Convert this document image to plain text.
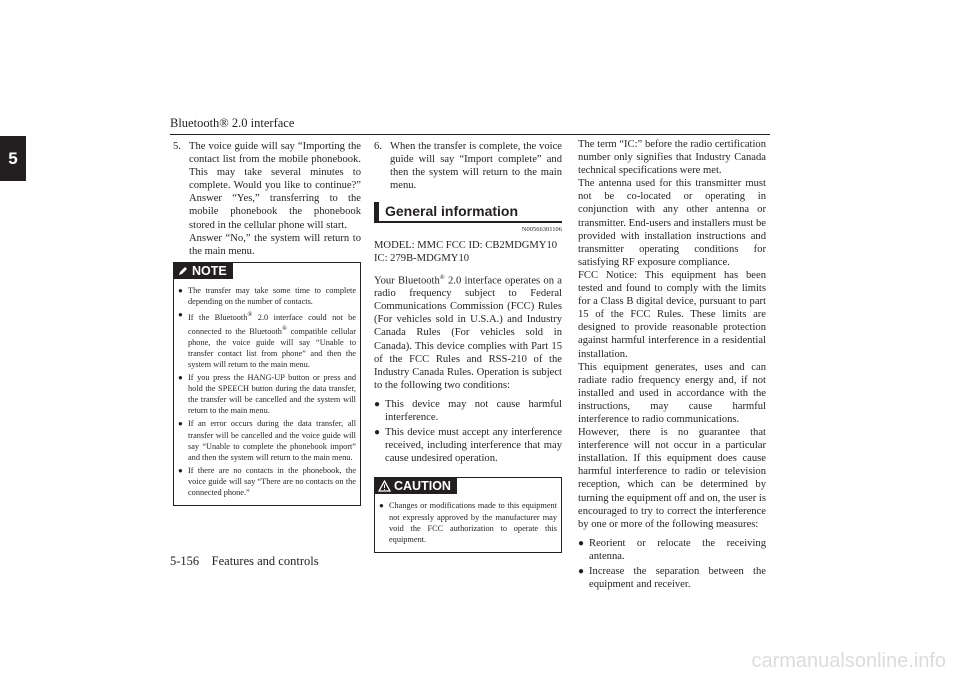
Bluetooth® 2.0 interface
5
5. The voice guide will say “Importing the contact list from the mobile phonebook. This may take several minutes to complete. Would you like to continue?” Answer “Yes,” transferring to the mobile phonebook the phonebook stored in the cellular phone will start.

Answer “No,” the system will return to the main menu.

NOTE
● The transfer may take some time to complete depending on the number of contacts.
● If the Bluetooth® 2.0 interface could not be connected to the Bluetooth® compatible cellular phone, the voice guide will say “Unable to transfer contact list from phone” and then the system will return to the main menu.
● If you press the HANG-UP button or press and hold the SPEECH button during the data transfer, the transfer will be cancelled and the system will return to the main menu.
● If an error occurs during the data transfer, all transfer will be cancelled and the voice guide will say “Unable to complete the phonebook import” and then the system will return to the main menu.
● If there are no contacts in the phonebook, the voice guide will say “There are no contacts on the connected phone.”
6. When the transfer is complete, the voice guide will say “Import complete” and then the system will return to the main menu.

General information
N00566301106

MODEL: MMC FCC ID: CB2MDGMY10

IC: 279B-MDGMY10

Your Bluetooth® 2.0 interface operates on a radio frequency subject to Federal Communications Commission (FCC) Rules (For vehicles sold in U.S.A.) and Industry Canada Rules (For vehicles sold in Canada). This device complies with Part 15 of the FCC Rules and RSS-210 of the Industry Canada Rules. Operation is subject to the following two conditions:

● This device may not cause harmful interference.
● This device must accept any interference received, including interference that may cause undesired operation.
CAUTION
● Changes or modifications made to this equipment not expressly approved by the manufacturer may void the FCC authorization to operate this equipment.

The term “IC:” before the radio certification number only signifies that Industry Canada technical specifications were met.

The antenna used for this transmitter must not be co-located or operating in conjunction with any other antenna or transmitter. End-users and installers must be provided with installation instructions and transmitter operating conditions for satisfying RF exposure compliance.

FCC Notice: This equipment has been tested and found to comply with the limits for a Class B digital device, pursuant to part 15 of the FCC Rules. These limits are designed to provide reasonable protection against harmful interference in a residential installation.

This equipment generates, uses and can radiate radio frequency energy and, if not installed and used in accordance with the instructions, may cause harmful interference to radio communications.

However, there is no guarantee that interference will not occur in a particular installation. If this equipment does cause harmful interference to radio or television reception, which can be determined by turning the equipment off and on, the user is encouraged to try to correct the interference by one or more of the following measures:

● Reorient or relocate the receiving antenna.
● Increase the separation between the equipment and receiver.
5-156    Features and controls
carmanualsonline.info
